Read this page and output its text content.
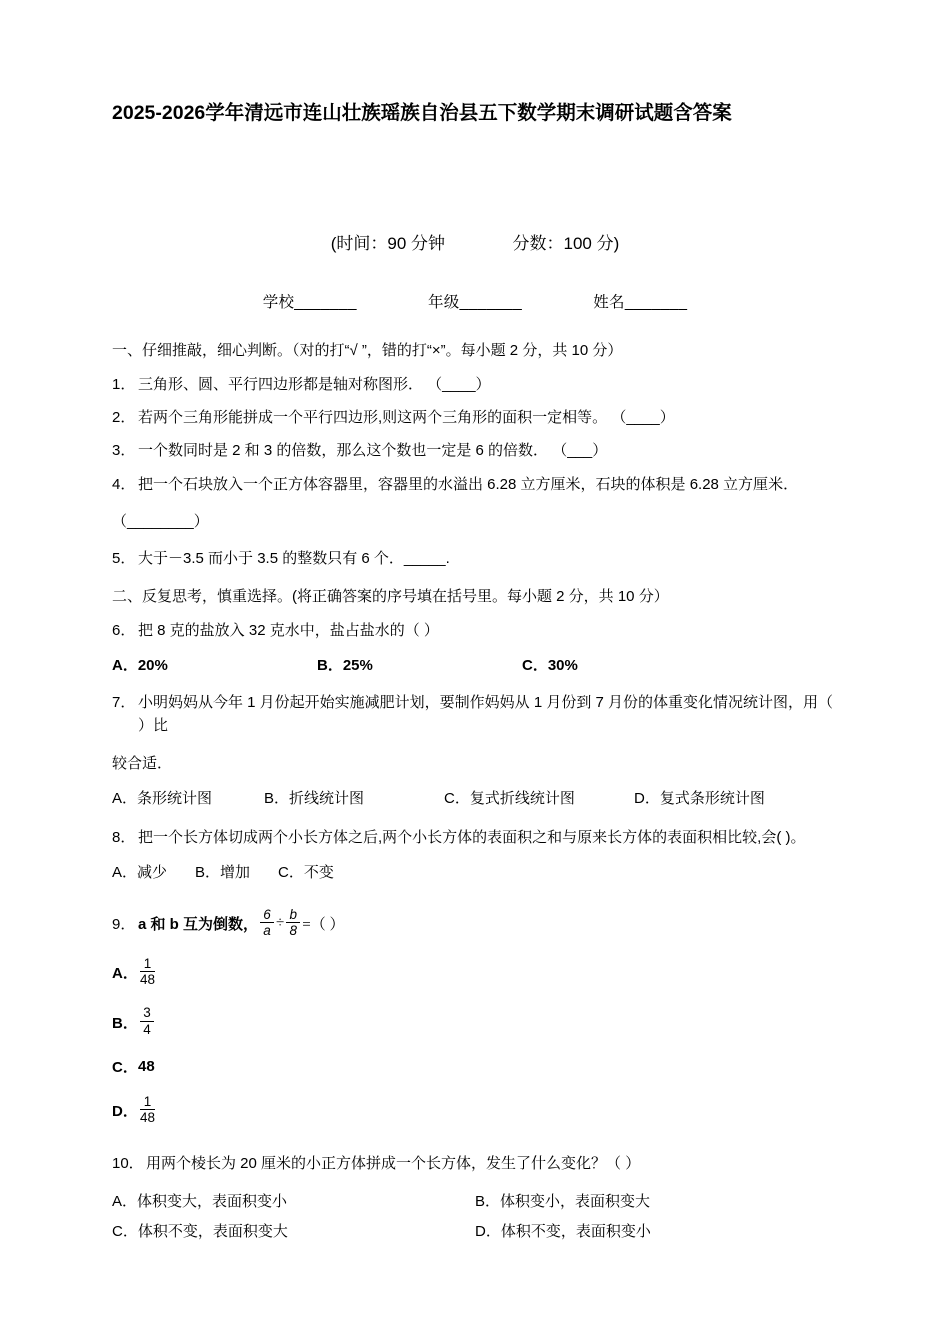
2025-2026学年清远市连山壮族瑶族自治县五下数学期末调研试题含答案
(时间：90 分钟	分数：100 分)
学校_______	年级_______	姓名_______
一、仔细推敲，细心判断。（对的打“√ ”，错的打“×”。每小题 2 分，共 10 分）
1． 三角形、圆、平行四边形都是轴对称图形． （____）
2． 若两个三角形能拼成一个平行四边形,则这两个三角形的面积一定相等。 （____）
3． 一个数同时是 2 和 3 的倍数，那么这个数也一定是 6 的倍数． （___）
4． 把一个石块放入一个正方体容器里，容器里的水溢出 6.28 立方厘米，石块的体积是 6.28 立方厘米．
（________）
5． 大于－3.5 而小于 3.5 的整数只有 6 个．_____.
二、反复思考，慎重选择。(将正确答案的序号填在括号里。每小题 2 分，共 10 分）
6． 把 8 克的盐放入 32 克水中，盐占盐水的（ ）
A．20%	B．25%	C．30%
7． 小明妈妈从今年 1 月份起开始实施减肥计划，要制作妈妈从 1 月份到 7 月份的体重变化情况统计图，用（ ）比
较合适．
A．条形统计图	B．折线统计图	C．复式折线统计图	D．复式条形统计图
8． 把一个长方体切成两个小长方体之后,两个小长方体的表面积之和与原来长方体的表面积相比较,会( )。
A．减少 B．增加 C．不变
9． a 和 b 互为倒数， $\frac{6}{a} \div \frac{b}{8}$ =（ ）
A． $\frac{1}{48}$
B． $\frac{3}{4}$
C． 48
D． $\frac{1}{48}$
10． 用两个棱长为 20 厘米的小正方体拼成一个长方体，发生了什么变化？（ ）
A．体积变大，表面积变小	B．体积变小，表面积变大
C．体积不变，表面积变大	D．体积不变，表面积变小
